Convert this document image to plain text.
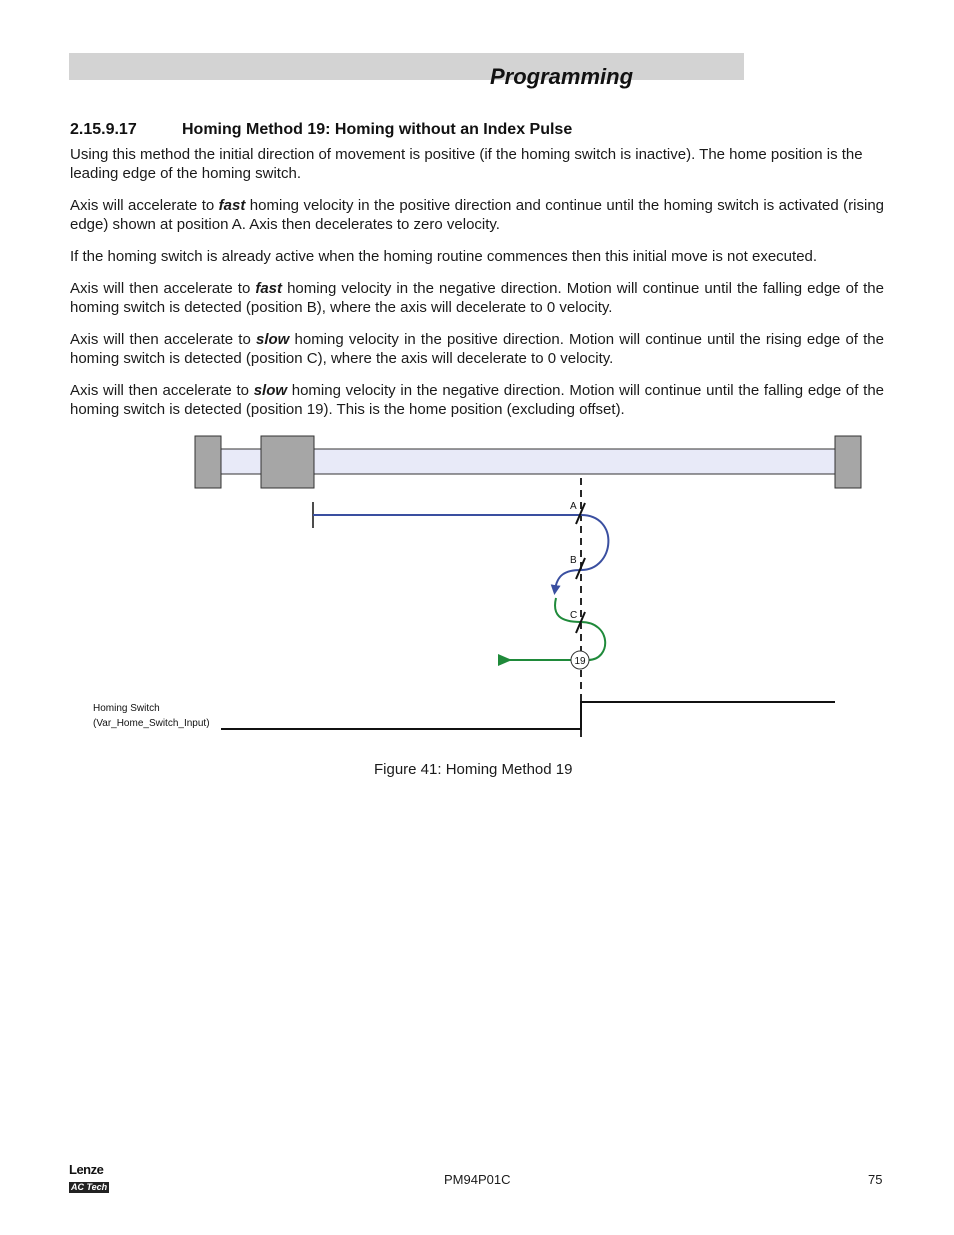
Programming
2.15.9.17	Homing Method 19: Homing without an Index Pulse

Using this method the initial direction of movement is positive (if the homing switch is inactive). The home position is the leading edge of the homing switch.

Axis will accelerate to fast homing velocity in the positive direction and continue until the homing switch is activated (rising edge) shown at position A. Axis then decelerates to zero velocity.

If the homing switch is already active when the homing routine commences then this initial move is not executed.

Axis will then accelerate to fast homing velocity in the negative direction. Motion will continue until the falling edge of the homing switch is detected (position B), where the axis will decelerate to 0 velocity.

Axis will then accelerate to slow homing velocity in the positive direction. Motion will continue until the rising edge of the homing switch is detected (position C), where the axis will decelerate to 0 velocity.

Axis will then accelerate to slow homing velocity in the negative direction. Motion will continue until the falling edge of the homing switch is detected (position 19). This is the home position (excluding offset).

A
B
C
19
Homing Switch
(Var_Home_Switch_Input)
Figure 41: Homing Method 19
Lenze
AC Tech	PM94P01C	75
